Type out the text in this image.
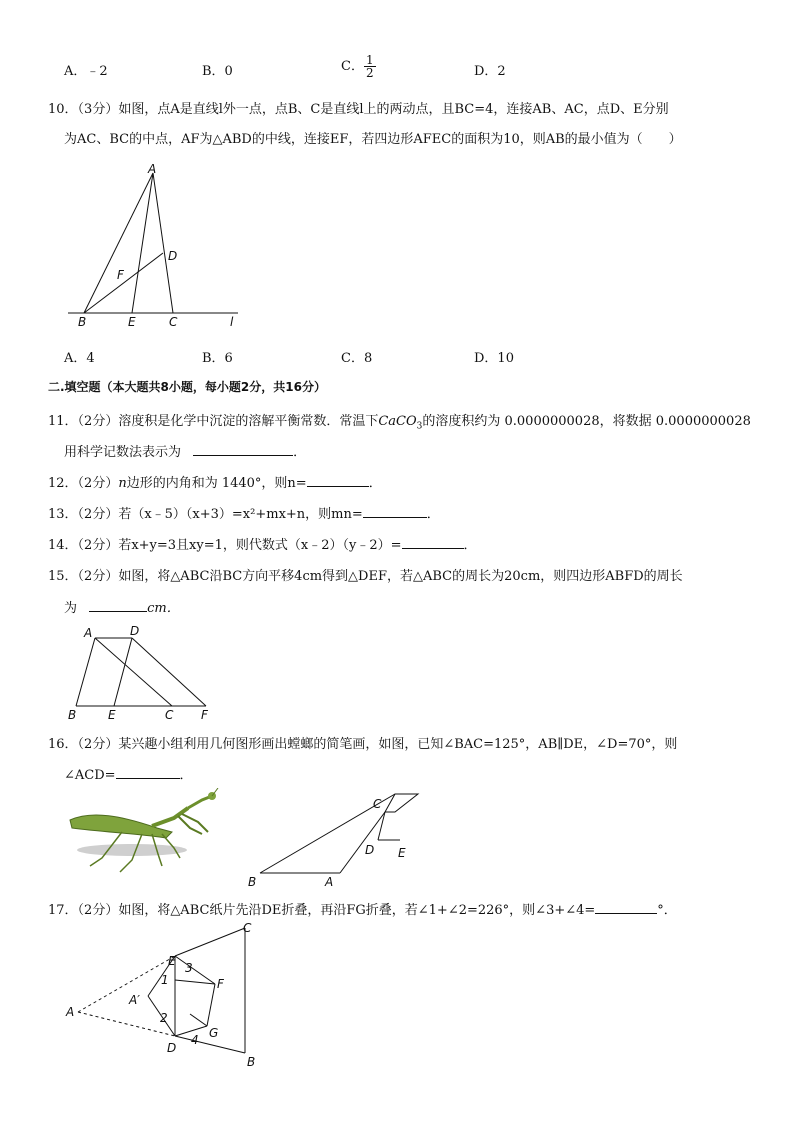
A．﹣2	B．0	C． $\frac{1}{2}$	D．2
10．（3分）如图，点A是直线l外一点，点B、C是直线l上的两动点，且BC=4，连接AB、AC，点D、E分别
为AC、BC的中点，AF为△ABD的中线，连接EF，若四边形AFEC的面积为10，则AB的最小值为（　　）
A
D
F
B	E	C	l
A．4	B．6	C．8	D．10
二.填空题（本大题共8小题，每小题2分，共16分）
11．（2分）溶度积是化学中沉淀的溶解平衡常数．常温下CaCO$_3$的溶度积约为 0.0000000028，将数据 0.0000000028
用科学记数法表示为	．
12．（2分）n边形的内角和为 1440°，则n=	．
13．（2分）若（x﹣5）（x+3）=x²+mx+n，则mn=	．
14．（2分）若x+y=3且xy=1，则代数式（x﹣2）（y﹣2）=	．
15．（2分）如图，将△ABC沿BC方向平移4cm得到△DEF，若△ABC的周长为20cm，则四边形ABFD的周长
为	cm．
A	D
B	E	C F
16．（2分）某兴趣小组利用几何图形画出螳螂的简笔画，如图，已知∠BAC=125°，AB∥DE，∠D=70°，则
∠ACD=	．
C
D E
B	A
17．（2分）如图，将△ABC纸片先沿DE折叠，再沿FG折叠，若∠1+∠2=226°，则∠3+∠4=	°．
C
E 3
1	F
A′
2
A
G
4
D
B
